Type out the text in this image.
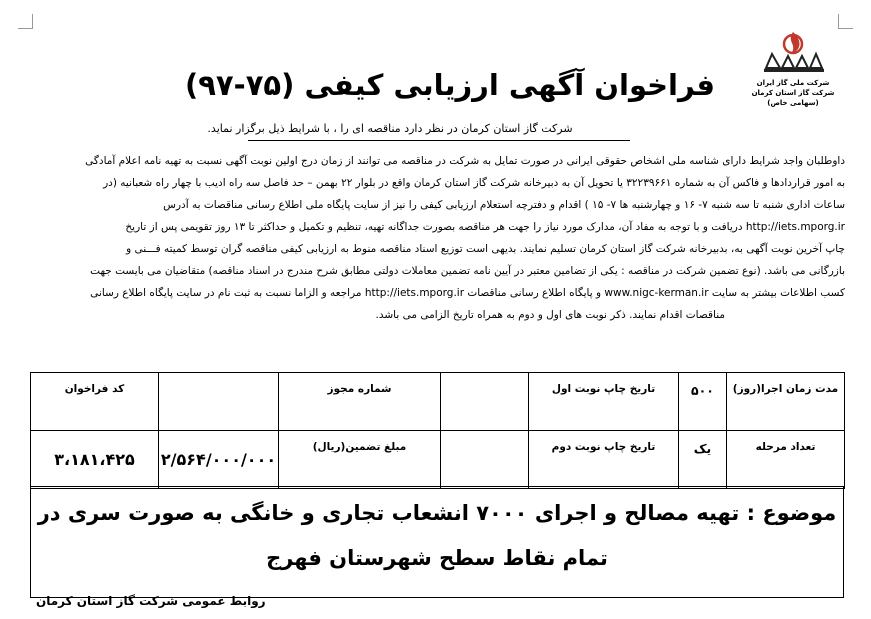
شرکت ملی گاز ایران
شرکت گاز استان کرمان
(سهامی خاص)
فراخوان آگهی ارزیابی کیفی (۷۵-۹۷)
شرکت گاز استان کرمان در نظر دارد مناقصه ای را ، با شرایط ذیل برگزار نماید.
داوطلبان واجد شرایط دارای شناسه ملی اشخاص حقوقی ایرانی در صورت تمایل به شرکت در مناقصه می توانند از زمان درج اولین نوبت آگهی نسبت به تهیه نامه اعلام آمادگی
به امور قراردادها و فاکس آن به شماره ۳۲۲۳۹۶۶۱ یا تحویل آن به دبیرخانه شرکت گاز استان کرمان واقع در بلوار ۲۲ بهمن – حد فاصل سه راه ادیب با چهار راه شعبانیه (در
ساعات اداری شنبه تا سه شنبه ۷- ۱۶ و چهارشنبه ها ۷- ۱۵ ) اقدام و دفترچه استعلام ارزیابی کیفی را نیز از سایت پایگاه ملی اطلاع رسانی مناقصات به آدرس
http://iets.mporg.ir دریافت و با توجه به مفاد آن، مدارک مورد نیاز را جهت هر مناقصه بصورت جداگانه تهیه، تنظیم و تکمیل و حداکثر تا ۱۳ روز تقویمی پس از تاریخ
چاپ آخرین نوبت آگهی به، بدبیرخانه شرکت گاز استان کرمان تسلیم نمایند. بدیهی است توزیع اسناد مناقصه منوط به ارزیابی کیفی مناقصه گران توسط کمیته فـــنی و
بازرگانی می باشد. (نوع تضمین شرکت در مناقصه : یکی از تضامین معتبر در آیین نامه تضمین معاملات دولتی مطابق شرح مندرج در اسناد مناقصه) متقاضیان می بایست جهت
کسب اطلاعات بیشتر به سایت www.nigc-kerman.ir و پایگاه اطلاع رسانی مناقصات http://iets.mporg.ir مراجعه و الزاما نسبت به ثبت نام در سایت پایگاه اطلاع رسانی
مناقصات اقدام نمایند. ذکر نوبت های اول و دوم به همراه تاریخ الزامی می باشد.
مدت زمان اجرا(روز)	۵۰۰	تاریخ چاپ نوبت اول		شماره مجوز		کد فراخوان
تعداد مرحله	یک	تاریخ چاپ نوبت دوم		مبلغ تضمین(ریال)	۲/۵۶۴/۰۰۰/۰۰۰	۳،۱۸۱،۴۲۵
موضوع : تهیه مصالح و اجرای ۷۰۰۰ انشعاب تجاری و خانگی به صورت سری در تمام نقاط سطح شهرستان فهرج
روابط عمومی شرکت گاز استان کرمان
